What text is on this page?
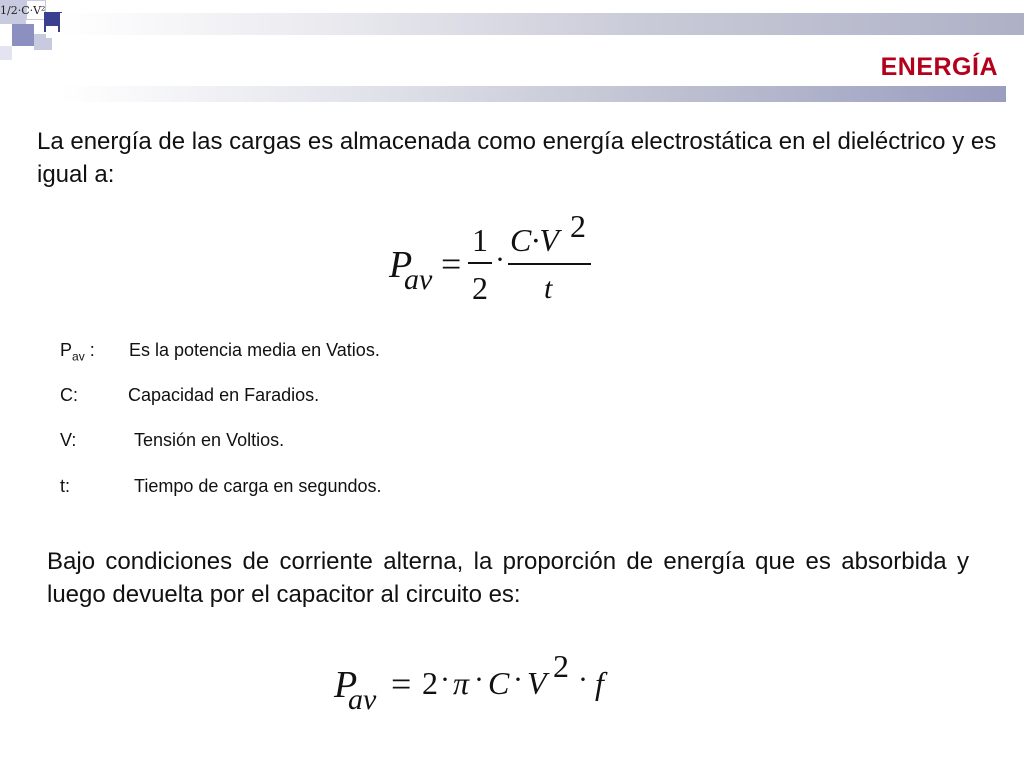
1/2·C·V²
ENERGÍA
La energía de las cargas es almacenada como energía electrostática en el dieléctrico y es igual a:
P
av =
1
2
·
C·V 2
t
$P_{av}$ : Es la potencia media en Vatios.
C:	Capacidad en Faradios.
V:	Tensión en Voltios.
t:	Tiempo de carga en segundos.
Bajo condiciones de corriente alterna, la proporción de energía que es absorbida y luego devuelta por el capacitor al circuito es:
P
av = 2 · π · C · V 2 · f
